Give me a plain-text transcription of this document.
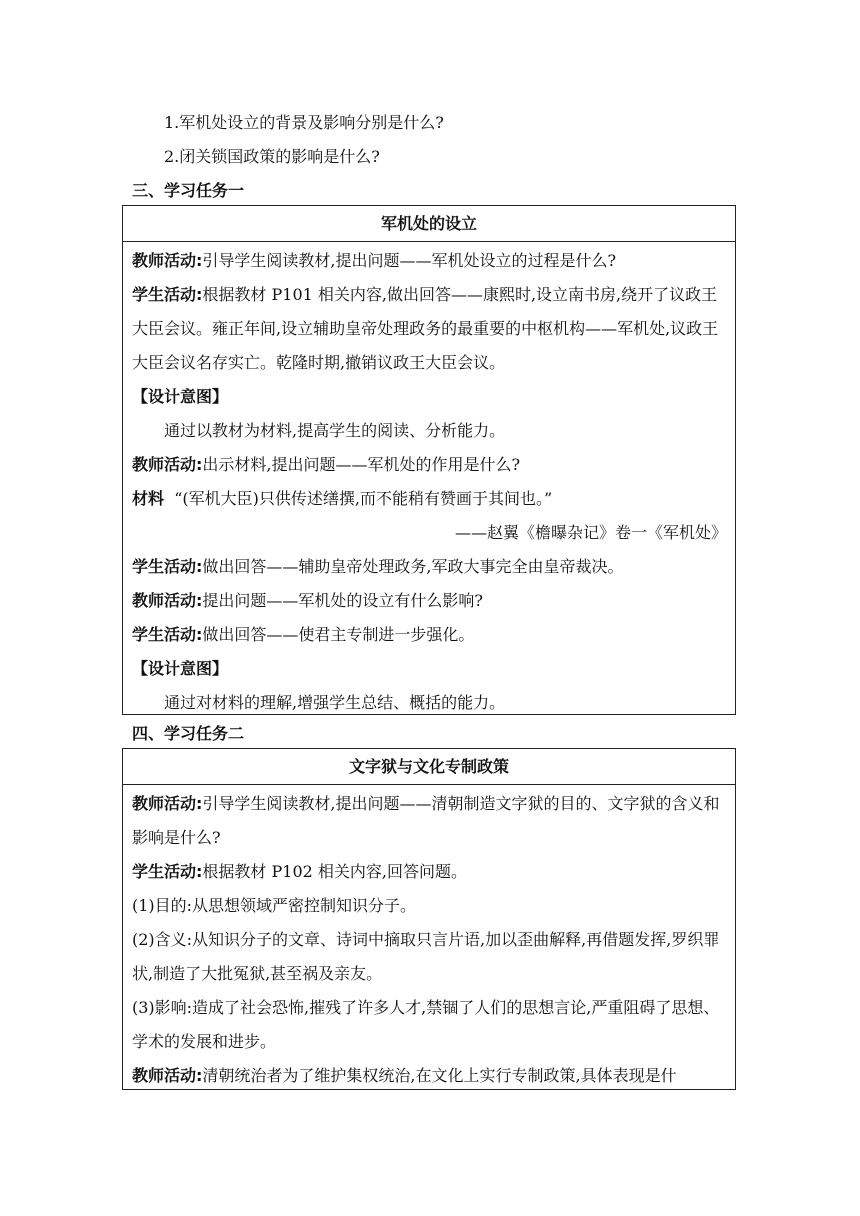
1.军机处设立的背景及影响分别是什么?
2.闭关锁国政策的影响是什么?
三、学习任务一
军机处的设立
教师活动:引导学生阅读教材,提出问题——军机处设立的过程是什么?
学生活动:根据教材 P101 相关内容,做出回答——康熙时,设立南书房,绕开了议政王大臣会议。雍正年间,设立辅助皇帝处理政务的最重要的中枢机构——军机处,议政王大臣会议名存实亡。乾隆时期,撤销议政王大臣会议。
【设计意图】
通过以教材为材料,提高学生的阅读、分析能力。
教师活动:出示材料,提出问题——军机处的作用是什么?
材料  “(军机大臣)只供传述缮撰,而不能稍有赞画于其间也。”
——赵翼《檐曝杂记》卷一《军机处》
学生活动:做出回答——辅助皇帝处理政务,军政大事完全由皇帝裁决。
教师活动:提出问题——军机处的设立有什么影响?
学生活动:做出回答——使君主专制进一步强化。
【设计意图】
通过对材料的理解,增强学生总结、概括的能力。
四、学习任务二
文字狱与文化专制政策
教师活动:引导学生阅读教材,提出问题——清朝制造文字狱的目的、文字狱的含义和影响是什么?
学生活动:根据教材 P102 相关内容,回答问题。
(1)目的:从思想领域严密控制知识分子。
(2)含义:从知识分子的文章、诗词中摘取只言片语,加以歪曲解释,再借题发挥,罗织罪状,制造了大批冤狱,甚至祸及亲友。
(3)影响:造成了社会恐怖,摧残了许多人才,禁锢了人们的思想言论,严重阻碍了思想、学术的发展和进步。
教师活动:清朝统治者为了维护集权统治,在文化上实行专制政策,具体表现是什
